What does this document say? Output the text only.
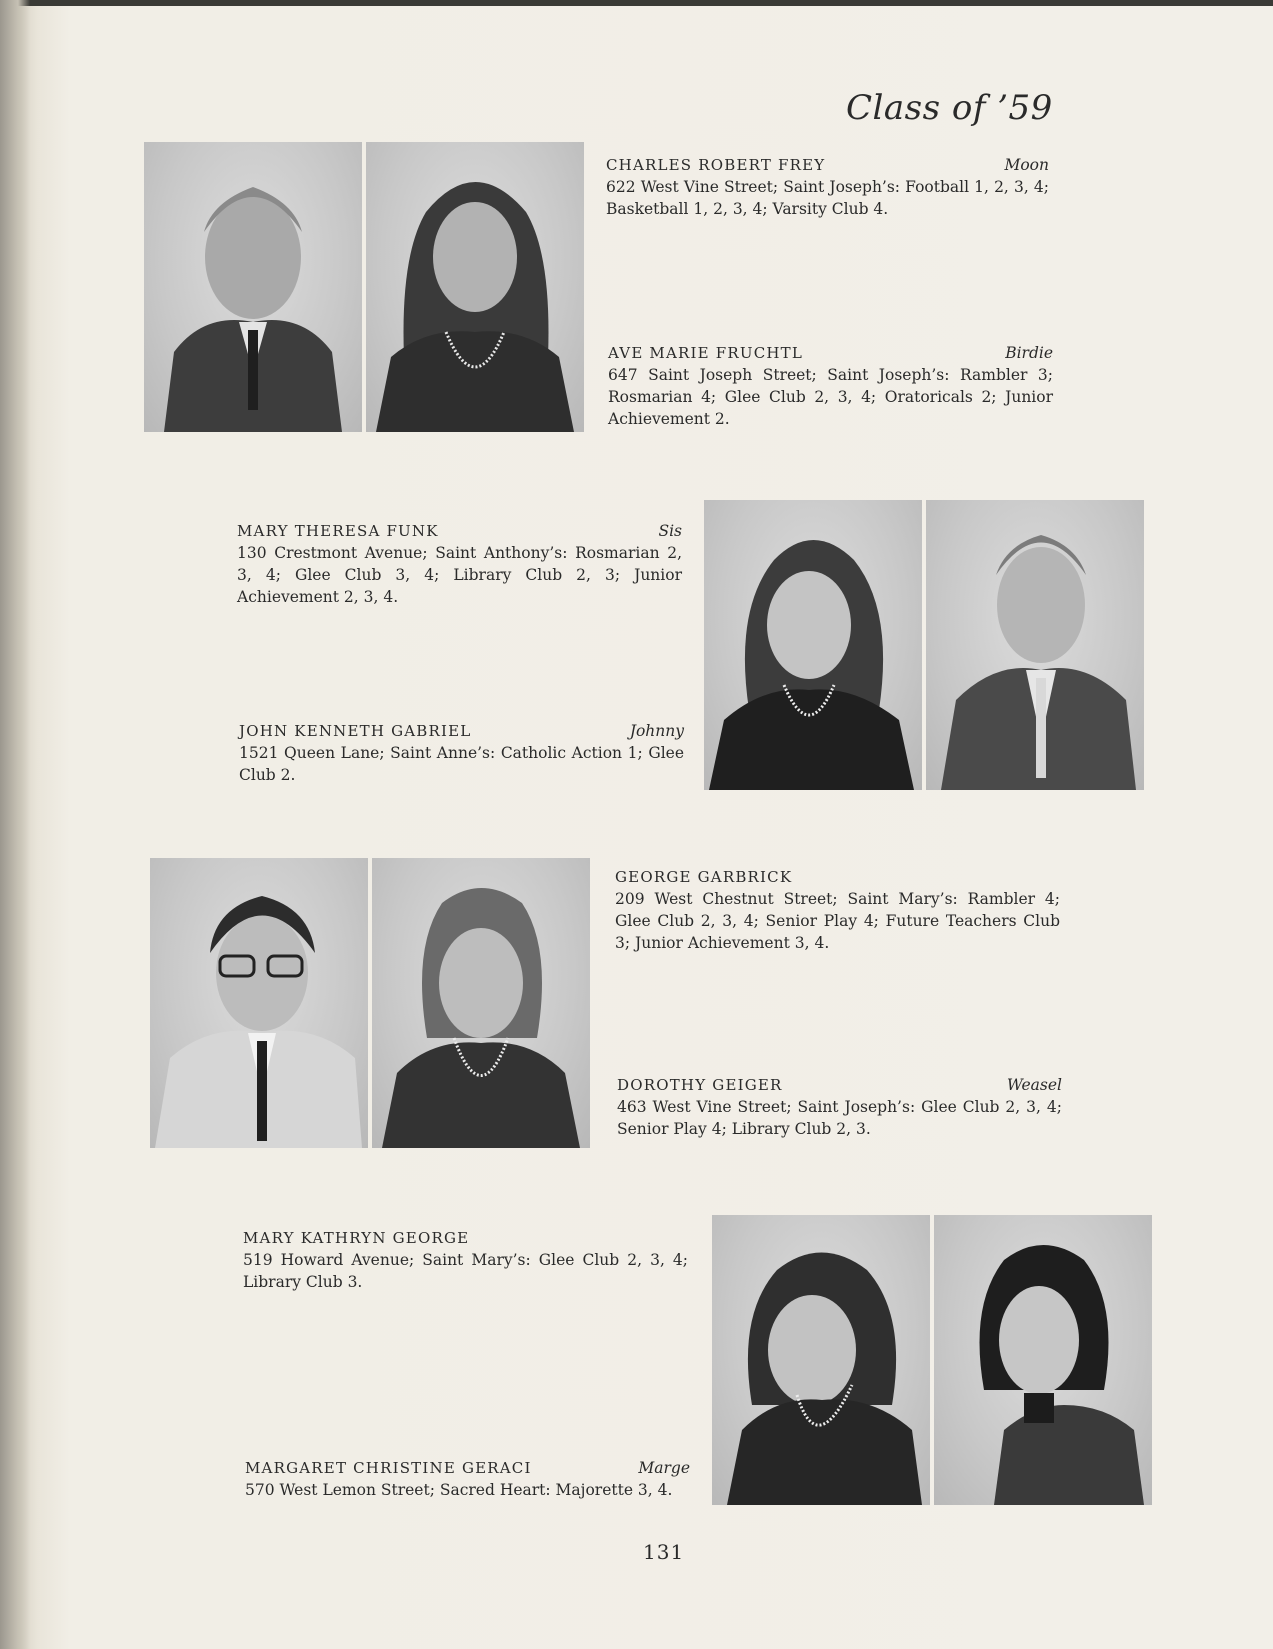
Class of ’59
CHARLES ROBERT FREY	Moon
622 West Vine Street; Saint Joseph’s: Football 1, 2, 3, 4; Basketball 1, 2, 3, 4; Varsity Club 4.
AVE MARIE FRUCHTL	Birdie
647 Saint Joseph Street; Saint Joseph’s: Rambler 3; Rosmarian 4; Glee Club 2, 3, 4; Oratoricals 2; Junior Achievement 2.
MARY THERESA FUNK	Sis
130 Crestmont Avenue; Saint Anthony’s: Rosmarian 2, 3, 4; Glee Club 3, 4; Library Club 2, 3; Junior Achievement 2, 3, 4.
JOHN KENNETH GABRIEL	Johnny
1521 Queen Lane; Saint Anne’s: Catholic Action 1; Glee Club 2.
GEORGE GARBRICK
209 West Chestnut Street; Saint Mary’s: Rambler 4; Glee Club 2, 3, 4; Senior Play 4; Future Teachers Club 3; Junior Achievement 3, 4.
DOROTHY GEIGER	Weasel
463 West Vine Street; Saint Joseph’s: Glee Club 2, 3, 4; Senior Play 4; Library Club 2, 3.
MARY KATHRYN GEORGE
519 Howard Avenue; Saint Mary’s: Glee Club 2, 3, 4; Library Club 3.
MARGARET CHRISTINE GERACI	Marge
570 West Lemon Street; Sacred Heart: Majorette 3, 4.
131
